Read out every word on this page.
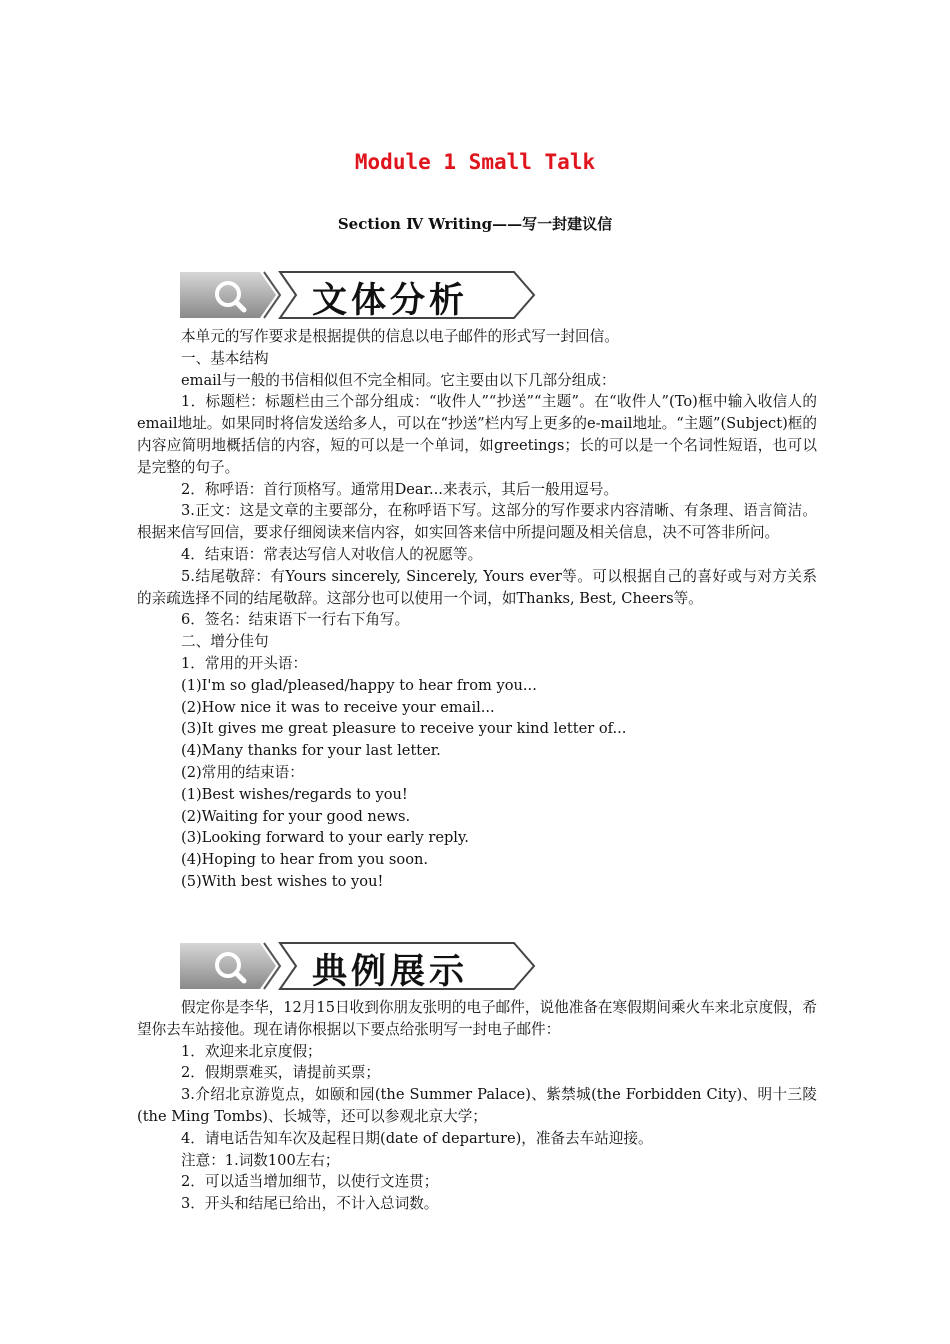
Module 1 Small Talk
Section Ⅳ Writing——写一封建议信
文体分析

本单元的写作要求是根据提供的信息以电子邮件的形式写一封回信。

一、基本结构

email与一般的书信相似但不完全相同。它主要由以下几部分组成：

1．标题栏：标题栏由三个部分组成：“收件人”“抄送”“主题”。在“收件人”(To)框中输入收信人的email地址。如果同时将信发送给多人，可以在“抄送”栏内写上更多的e-mail地址。“主题”(Subject)框的内容应简明地概括信的内容，短的可以是一个单词，如greetings；长的可以是一个名词性短语，也可以是完整的句子。

2．称呼语：首行顶格写。通常用Dear...来表示，其后一般用逗号。

3.正文：这是文章的主要部分，在称呼语下写。这部分的写作要求内容清晰、有条理、语言简洁。根据来信写回信，要求仔细阅读来信内容，如实回答来信中所提问题及相关信息，决不可答非所问。

4．结束语：常表达写信人对收信人的祝愿等。

5.结尾敬辞：有Yours sincerely, Sincerely, Yours ever等。可以根据自己的喜好或与对方关系的亲疏选择不同的结尾敬辞。这部分也可以使用一个词，如Thanks, Best, Cheers等。

6．签名：结束语下一行右下角写。

二、增分佳句

1．常用的开头语：

(1)I'm so glad/pleased/happy to hear from you...

(2)How nice it was to receive your email...

(3)It gives me great pleasure to receive your kind letter of...

(4)Many thanks for your last letter.

(2)常用的结束语：

(1)Best wishes/regards to you!

(2)Waiting for your good news.

(3)Looking forward to your early reply.

(4)Hoping to hear from you soon.

(5)With best wishes to you!

典例展示

假定你是李华，12月15日收到你朋友张明的电子邮件，说他准备在寒假期间乘火车来北京度假，希望你去车站接他。现在请你根据以下要点给张明写一封电子邮件：

1．欢迎来北京度假；

2．假期票难买，请提前买票；

3.介绍北京游览点，如颐和园(the Summer Palace)、紫禁城(the Forbidden City)、明十三陵(the Ming Tombs)、长城等，还可以参观北京大学；

4．请电话告知车次及起程日期(date of departure)，准备去车站迎接。

注意：1.词数100左右；

2．可以适当增加细节，以使行文连贯；

3．开头和结尾已给出，不计入总词数。
